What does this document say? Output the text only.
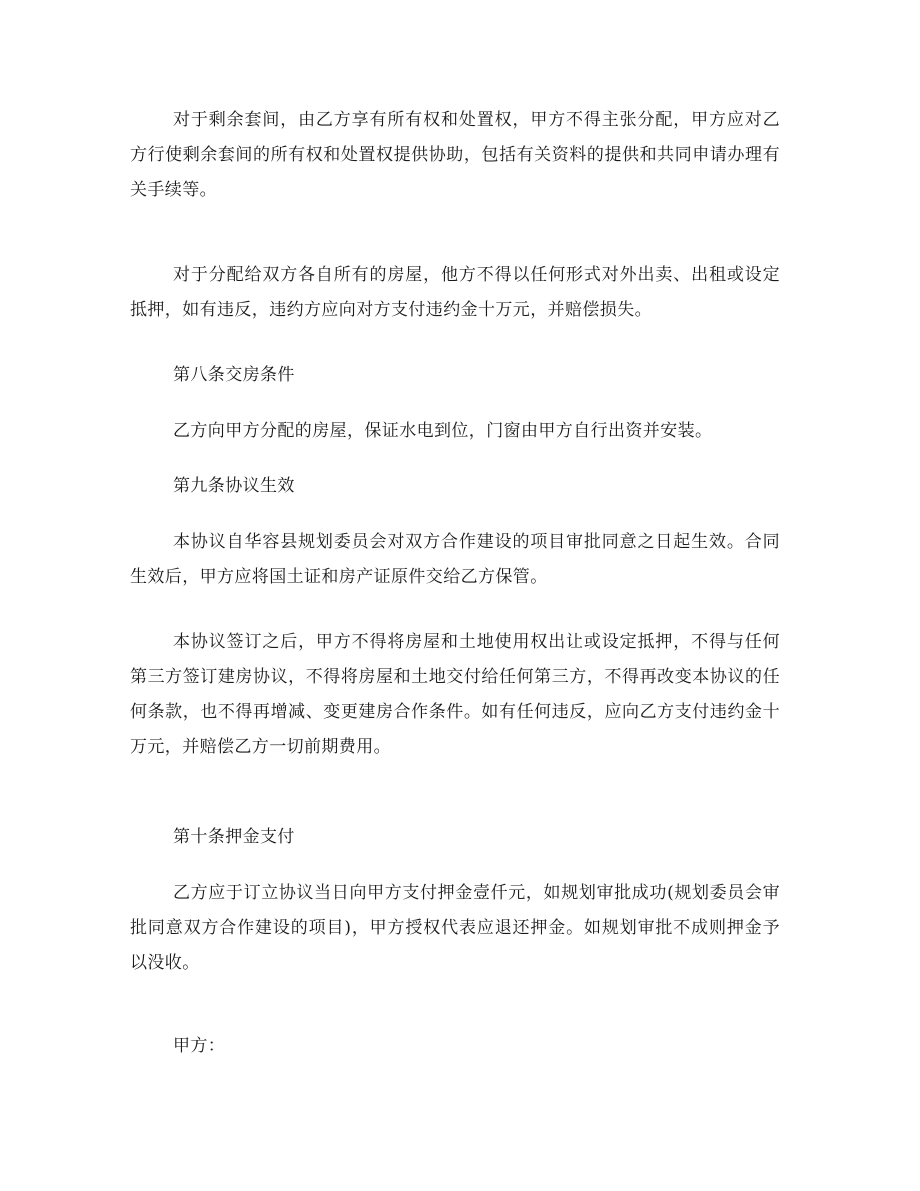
对于剩余套间，由乙方享有所有权和处置权，甲方不得主张分配，甲方应对乙方行使剩余套间的所有权和处置权提供协助，包括有关资料的提供和共同申请办理有关手续等。

对于分配给双方各自所有的房屋，他方不得以任何形式对外出卖、出租或设定抵押，如有违反，违约方应向对方支付违约金十万元，并赔偿损失。

第八条交房条件

乙方向甲方分配的房屋，保证水电到位，门窗由甲方自行出资并安装。

第九条协议生效

本协议自华容县规划委员会对双方合作建设的项目审批同意之日起生效。合同生效后，甲方应将国土证和房产证原件交给乙方保管。

本协议签订之后，甲方不得将房屋和土地使用权出让或设定抵押，不得与任何第三方签订建房协议，不得将房屋和土地交付给任何第三方，不得再改变本协议的任何条款，也不得再增减、变更建房合作条件。如有任何违反，应向乙方支付违约金十万元，并赔偿乙方一切前期费用。

第十条押金支付

乙方应于订立协议当日向甲方支付押金壹仟元，如规划审批成功(规划委员会审批同意双方合作建设的项目)，甲方授权代表应退还押金。如规划审批不成则押金予以没收。

甲方：
